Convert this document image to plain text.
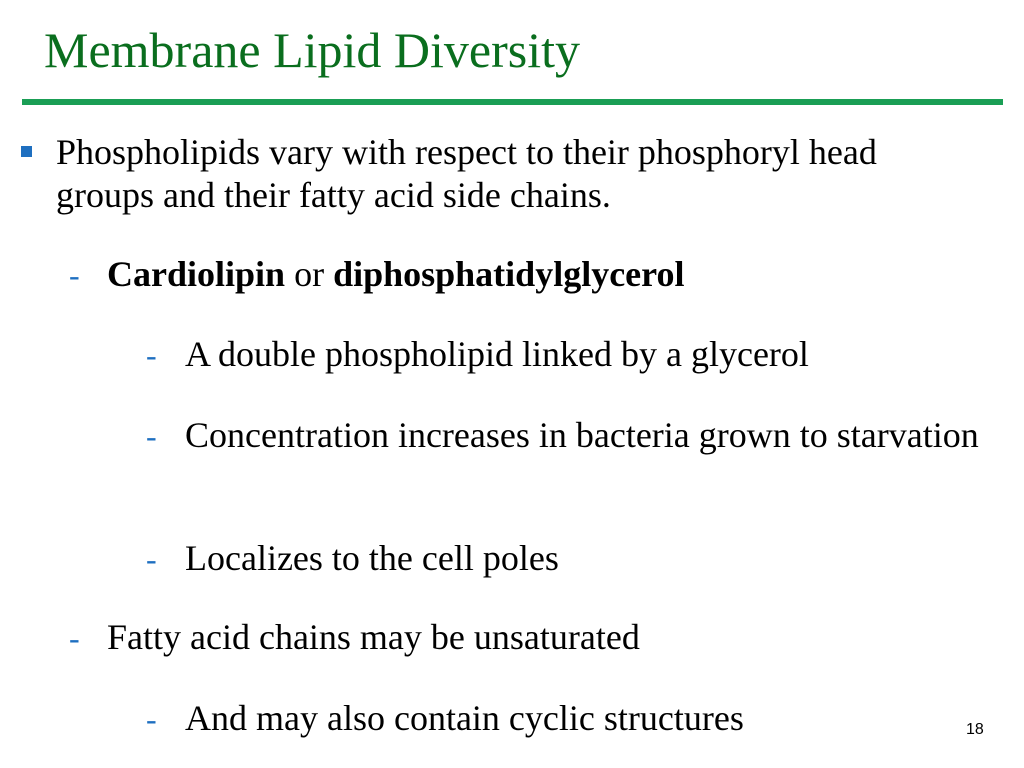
Membrane Lipid Diversity
Phospholipids vary with respect to their phosphoryl head groups and their fatty acid side chains.
- Cardiolipin or diphosphatidylglycerol
- A double phospholipid linked by a glycerol
- Concentration increases in bacteria grown to starvation
- Localizes to the cell poles
- Fatty acid chains may be unsaturated
- And may also contain cyclic structures	18
